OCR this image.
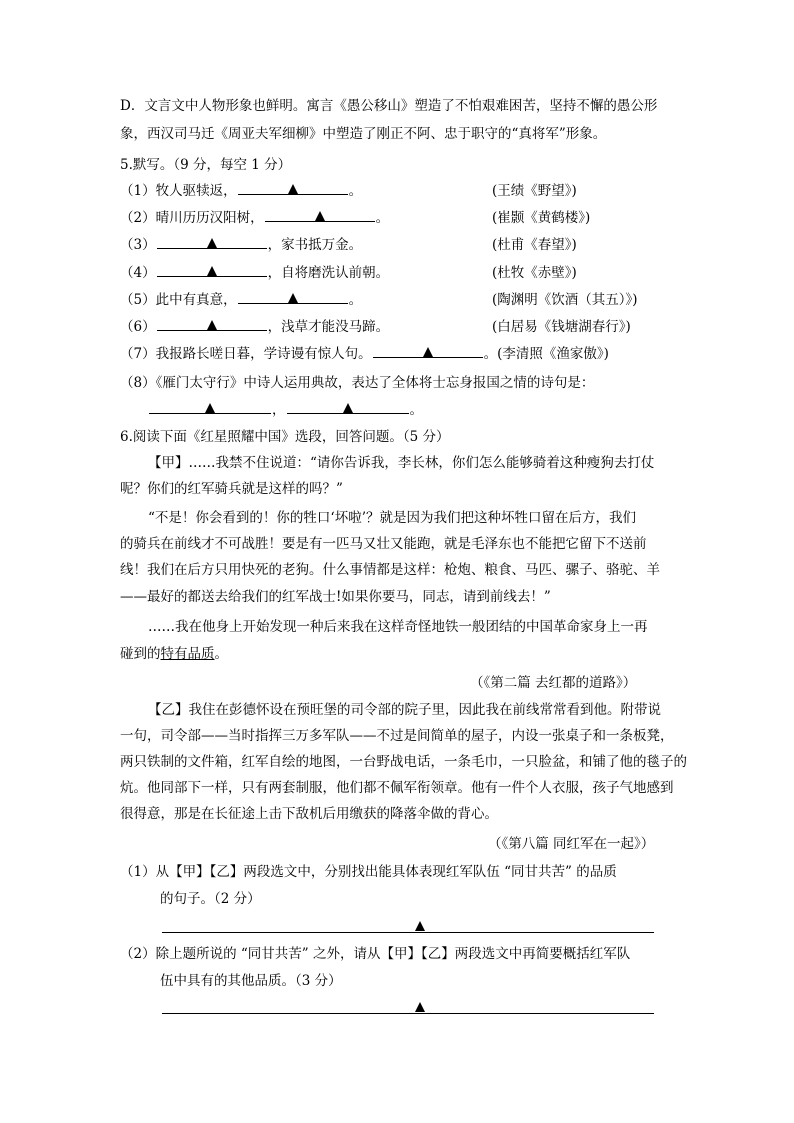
D．文言文中人物形象也鲜明。寓言《愚公移山》塑造了不怕艰难困苦，坚持不懈的愚公形
象，西汉司马迁《周亚夫军细柳》中塑造了刚正不阿、忠于职守的“真将军”形象。
5.默写。（9 分，每空 1 分）
（1）牧人驱犊返，	。	(王绩《野望》)
（2）晴川历历汉阳树，	。	(崔颢《黄鹤楼》)
（3）	，家书抵万金。	(杜甫《春望》)
（4）	，自将磨洗认前朝。	(杜牧《赤壁》)
（5）此中有真意，	。	(陶渊明《饮酒（其五）》)
（6）	，浅草才能没马蹄。	(白居易《钱塘湖春行》)
（7）我报路长嗟日暮，学诗谩有惊人句。	。(李清照《渔家傲》)
（8）《雁门太守行》中诗人运用典故，表达了全体将士忘身报国之情的诗句是：
，	。
6.阅读下面《红星照耀中国》选段，回答问题。（5 分）
【甲】……我禁不住说道：“请你告诉我，李长林，你们怎么能够骑着这种瘦狗去打仗
呢？你们的红军骑兵就是这样的吗？”
“不是！你会看到的！你的牲口‘坏啦’？就是因为我们把这种坏牲口留在后方，我们
的骑兵在前线才不可战胜！要是有一匹马又壮又能跑，就是毛泽东也不能把它留下不送前
线！我们在后方只用快死的老狗。什么事情都是这样：枪炮、粮食、马匹、骡子、骆驼、羊
——最好的都送去给我们的红军战士!如果你要马，同志，请到前线去！”
……我在他身上开始发现一种后来我在这样奇怪地铁一般团结的中国革命家身上一再
碰到的特有品质。
（《第二篇 去红都的道路》）
【乙】我住在彭德怀设在预旺堡的司令部的院子里，因此我在前线常常看到他。附带说
一句，司令部——当时指挥三万多军队——不过是间简单的屋子，内设一张桌子和一条板凳，
两只铁制的文件箱，红军自绘的地图，一台野战电话，一条毛巾，一只脸盆，和铺了他的毯子的
炕。他同部下一样，只有两套制服，他们都不佩军衔领章。他有一件个人衣服，孩子气地感到
很得意，那是在长征途上击下敌机后用缴获的降落伞做的背心。
（《第八篇 同红军在一起》）
（1）从【甲】【乙】两段选文中，分别找出能具体表现红军队伍 “同甘共苦” 的品质
的句子。（2 分）
（2）除上题所说的 “同甘共苦” 之外，请从【甲】【乙】两段选文中再简要概括红军队
伍中具有的其他品质。（3 分）
